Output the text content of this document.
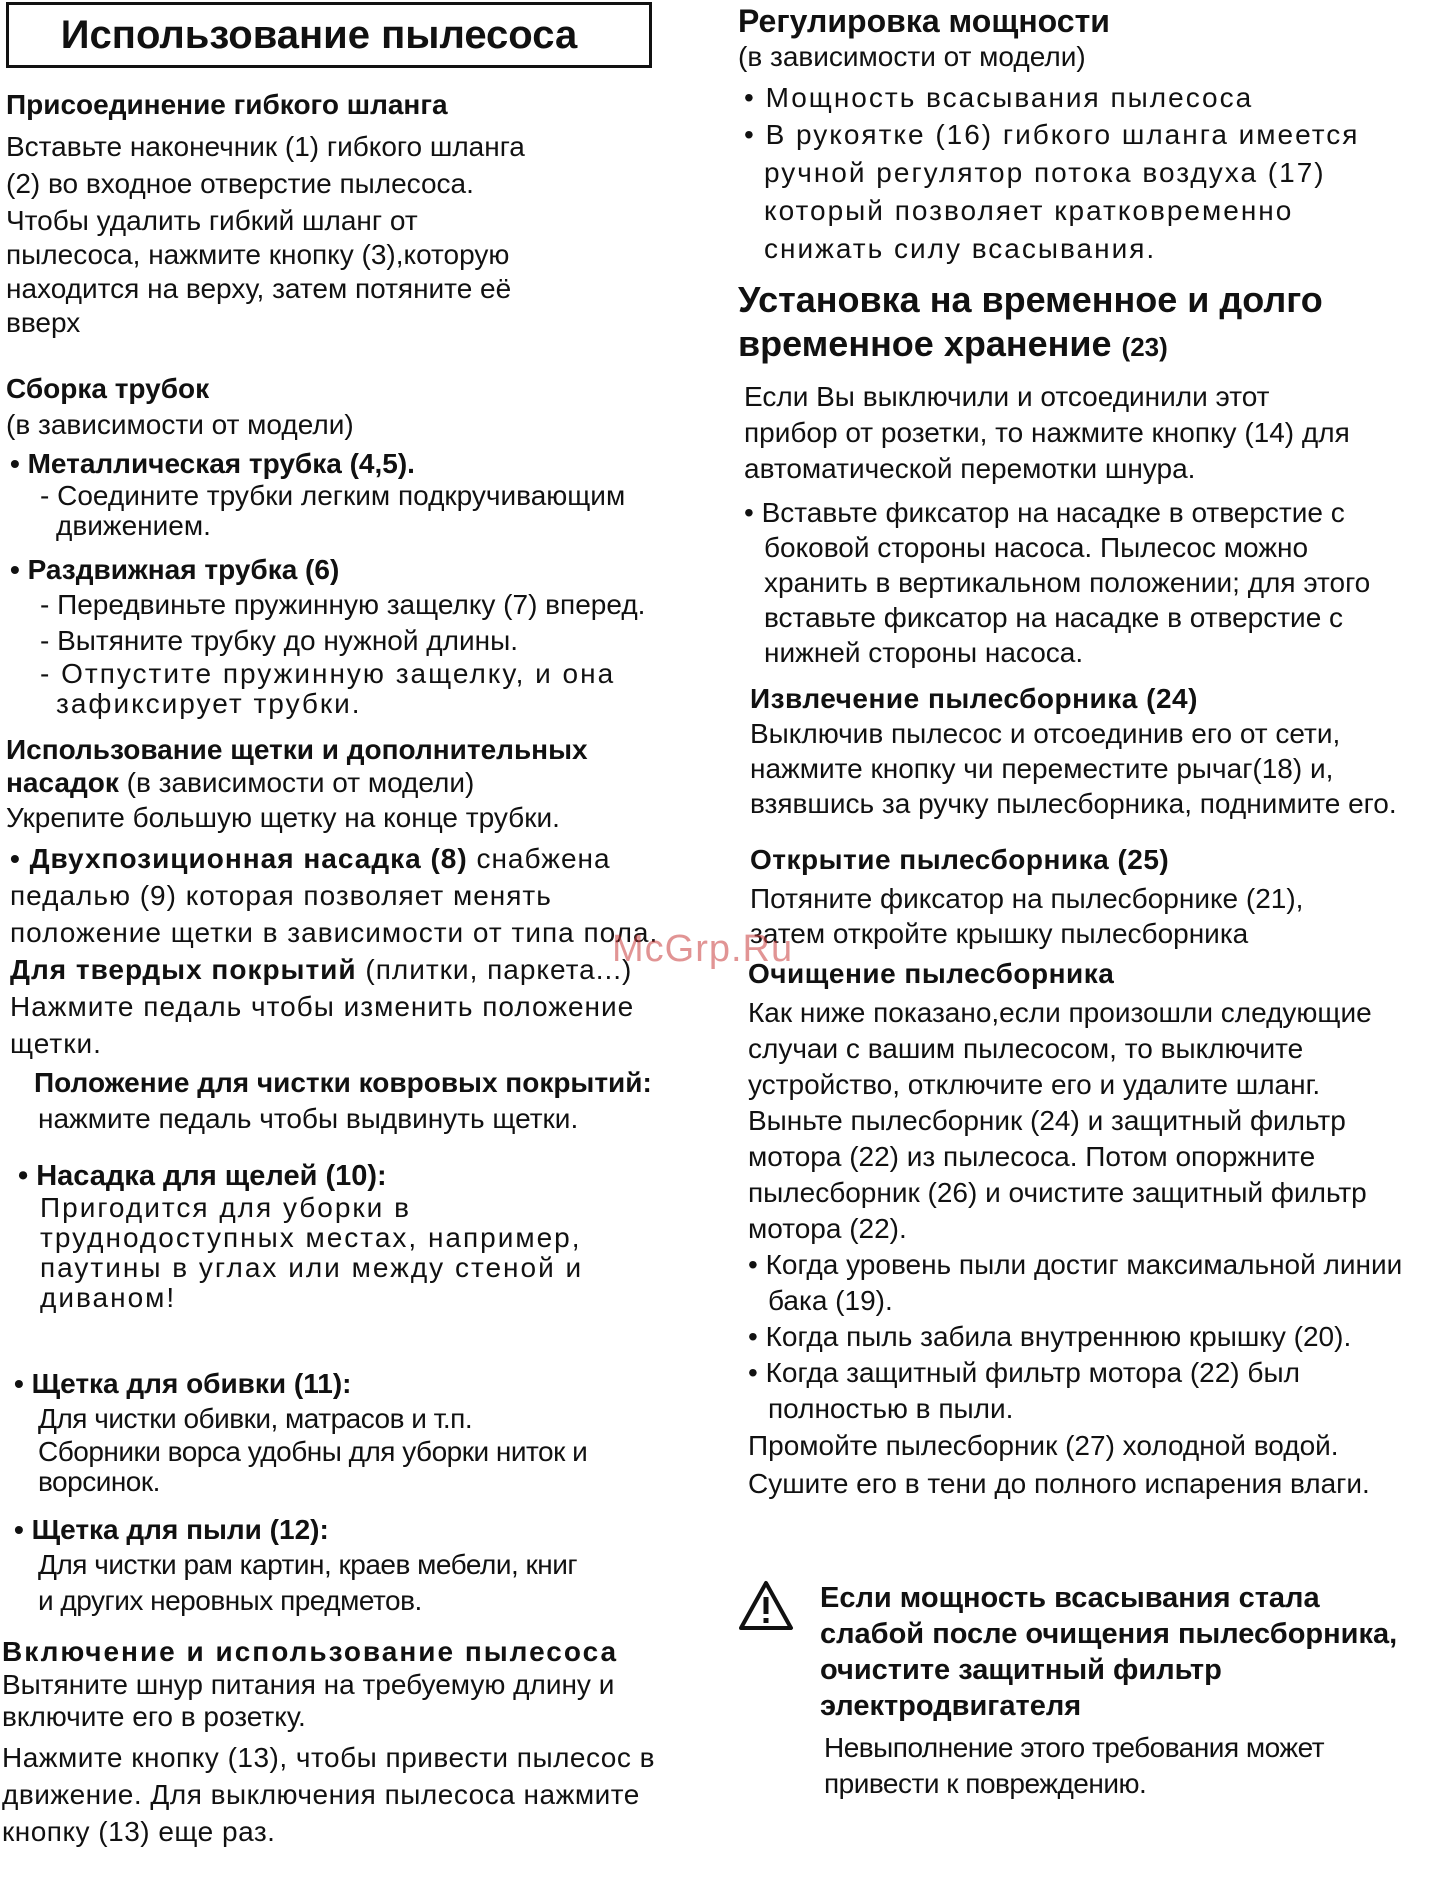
Использование пылесоса
Присоединение гибкого шланга
Вставьте наконечник (1) гибкого шланга (2) во входное отверстие пылесоса.
Чтобы удалить гибкий шланг от пылесоса, нажмите кнопку (3),которую находится на верху, затем потяните её вверх
Сборка трубок
(в зависимости от модели)
• Металлическая трубка (4,5).
- Соедините трубки легким подкручивающим движением.
• Раздвижная трубка (6)
- Передвиньте пружинную защелку (7) вперед.
- Вытяните трубку до нужной длины.
- Отпустите пружинную защелку, и она зафиксирует трубки.
Использование щетки и дополнительных
насадок (в зависимости от модели)
Укрепите большую щетку на конце трубки.
• Двухпозиционная насадка (8) снабжена педалью (9) которая позволяет менять положение щетки в зависимости от типа пола. Для твердых покрытий (плитки, паркета...) Нажмите педаль чтобы изменить положение щетки.
Положение для чистки ковровых покрытий:
нажмите педаль чтобы выдвинуть щетки.
• Насадка для щелей (10):
Пригодится для уборки в труднодоступных местах, например, паутины в углах или между стеной и диваном!
• Щетка для обивки (11):
Для чистки обивки, матрасов и т.п.
Сборники ворса удобны для уборки ниток и ворсинок.
• Щетка для пыли (12):
Для чистки рам картин, краев мебели, книг
и других неровных предметов.
Включение и использование пылесоса
Вытяните шнур питания на требуемую длину и включите его в розетку.
Нажмите кнопку (13), чтобы привести пылесос в движение. Для выключения пылесоса нажмите кнопку (13) еще раз.
Регулировка мощности
(в зависимости от модели)
• Мощность всасывания пылесоса
• В рукоятке (16) гибкого шланга имеется ручной регулятор потока воздуха (17) который позволяет кратковременно снижать силу всасывания.
Установка на временное и долго временное хранение (23)
Если Вы выключили и отсоединили этот прибор от розетки, то нажмите кнопку (14) для автоматической перемотки шнура.
• Вставьте фиксатор на насадке в отверстие с боковой стороны насоса. Пылесос можно хранить в вертикальном положении; для этого вставьте фиксатор на насадке в отверстие с нижней стороны насоса.
Извлечение пылесборника (24)
Выключив пылесос и отсоединив его от сети, нажмите кнопку чи переместите рычаг(18) и, взявшись за ручку пылесборника, поднимите его.
Открытие пылесборника (25)
Потяните фиксатор на пылесборнике (21), затем откройте крышку пылесборника
Очищение пылесборника
Как ниже показано,если произошли следующие случаи с вашим пылесосом, то выключите устройство, отключите его и удалите шланг. Выньте пылесборник (24) и защитный фильтр мотора (22) из пылесоса. Потом опоржните пылесборник (26) и очистите защитный фильтр мотора (22).
• Когда уровень пыли достиг максимальной линии бака (19).
• Когда пыль забила внутреннюю крышку (20).
• Когда защитный фильтр мотора (22) был полностью в пыли.
Промойте пылесборник (27) холодной водой.
Сушите его в тени до полного испарения влаги.
Если мощность всасывания стала слабой после очищения пылесборника, очистите защитный фильтр электродвигателя
Невыполнение этого требования может привести к повреждению.
McGrp.Ru
